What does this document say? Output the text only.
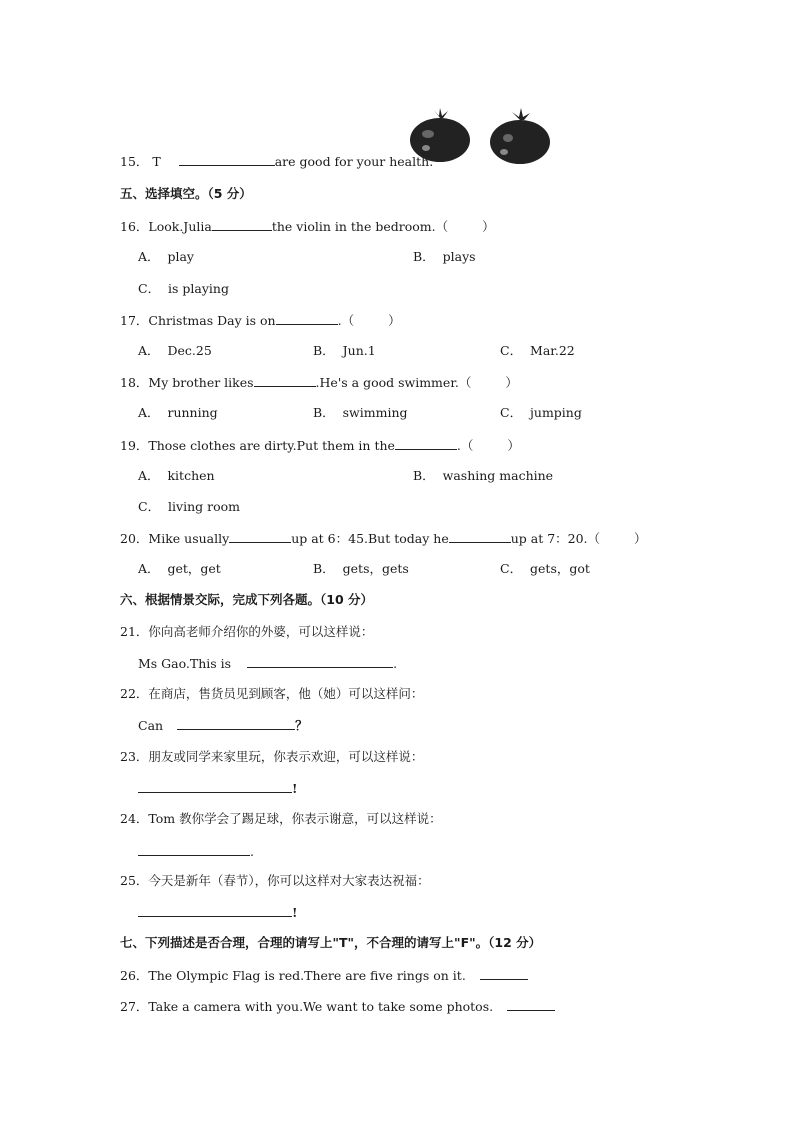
15． T	are good for your health.
五、选择填空。（5 分）
16．Look.Julia	the violin in the bedroom.（	）
A． play	B． plays
C． is playing
17．Christmas Day is on	.（	）
A． Dec.25	B． Jun.1	C． Mar.22
18．My brother likes	.He's a good swimmer.（	）
A． running	B． swimming	C． jumping
19．Those clothes are dirty.Put them in the	.（	）
A． kitchen	B． washing machine
C． living room
20．Mike usually	up at 6：45.But today he	up at 7：20.（	）
A． get，get	B． gets，gets	C． gets，got
六、根据情景交际，完成下列各题。（10 分）
21．你向高老师介绍你的外婆，可以这样说：
Ms Gao.This is	.
22．在商店，售货员见到顾客，他（她）可以这样问：
Can	？
23．朋友或同学来家里玩，你表示欢迎，可以这样说：
!
24．Tom 教你学会了踢足球，你表示谢意，可以这样说：
.
25．今天是新年（春节），你可以这样对大家表达祝福：
!
七、下列描述是否合理，合理的请写上"T"，不合理的请写上"F"。（12 分）
26．The Olympic Flag is red.There are five rings on it.
27．Take a camera with you.We want to take some photos.
